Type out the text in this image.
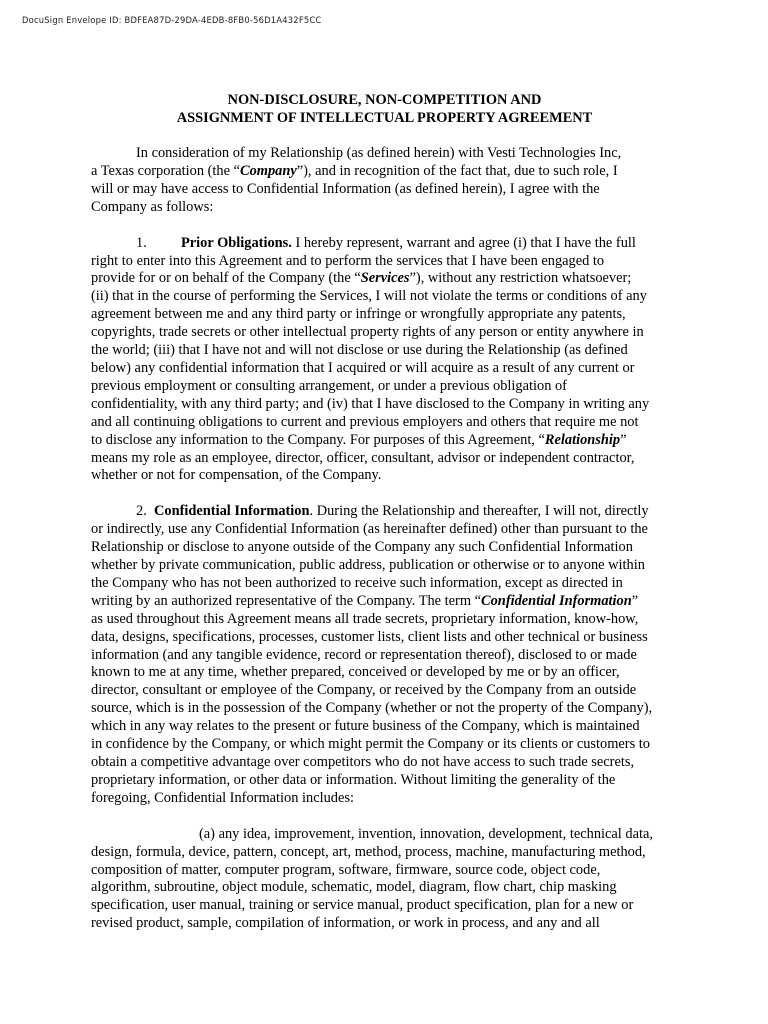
DocuSign Envelope ID: BDFEA87D-29DA-4EDB-8FB0-56D1A432F5CC
NON-DISCLOSURE, NON-COMPETITION AND
ASSIGNMENT OF INTELLECTUAL PROPERTY AGREEMENT
In consideration of my Relationship (as defined herein) with Vesti Technologies Inc,
a Texas corporation (the “Company”), and in recognition of the fact that, due to such role, I
will or may have access to Confidential Information (as defined herein), I agree with the
Company as follows:
1. Prior Obligations. I hereby represent, warrant and agree (i) that I have the full
right to enter into this Agreement and to perform the services that I have been engaged to
provide for or on behalf of the Company (the “Services”), without any restriction whatsoever;
(ii) that in the course of performing the Services, I will not violate the terms or conditions of any
agreement between me and any third party or infringe or wrongfully appropriate any patents,
copyrights, trade secrets or other intellectual property rights of any person or entity anywhere in
the world; (iii) that I have not and will not disclose or use during the Relationship (as defined
below) any confidential information that I acquired or will acquire as a result of any current or
previous employment or consulting arrangement, or under a previous obligation of
confidentiality, with any third party; and (iv) that I have disclosed to the Company in writing any
and all continuing obligations to current and previous employers and others that require me not
to disclose any information to the Company. For purposes of this Agreement, “Relationship”
means my role as an employee, director, officer, consultant, advisor or independent contractor,
whether or not for compensation, of the Company.
2. Confidential Information. During the Relationship and thereafter, I will not, directly
or indirectly, use any Confidential Information (as hereinafter defined) other than pursuant to the
Relationship or disclose to anyone outside of the Company any such Confidential Information
whether by private communication, public address, publication or otherwise or to anyone within
the Company who has not been authorized to receive such information, except as directed in
writing by an authorized representative of the Company. The term “Confidential Information”
as used throughout this Agreement means all trade secrets, proprietary information, know-how,
data, designs, specifications, processes, customer lists, client lists and other technical or business
information (and any tangible evidence, record or representation thereof), disclosed to or made
known to me at any time, whether prepared, conceived or developed by me or by an officer,
director, consultant or employee of the Company, or received by the Company from an outside
source, which is in the possession of the Company (whether or not the property of the Company),
which in any way relates to the present or future business of the Company, which is maintained
in confidence by the Company, or which might permit the Company or its clients or customers to
obtain a competitive advantage over competitors who do not have access to such trade secrets,
proprietary information, or other data or information. Without limiting the generality of the
foregoing, Confidential Information includes:
(a) any idea, improvement, invention, innovation, development, technical data,
design, formula, device, pattern, concept, art, method, process, machine, manufacturing method,
composition of matter, computer program, software, firmware, source code, object code,
algorithm, subroutine, object module, schematic, model, diagram, flow chart, chip masking
specification, user manual, training or service manual, product specification, plan for a new or
revised product, sample, compilation of information, or work in process, and any and all
